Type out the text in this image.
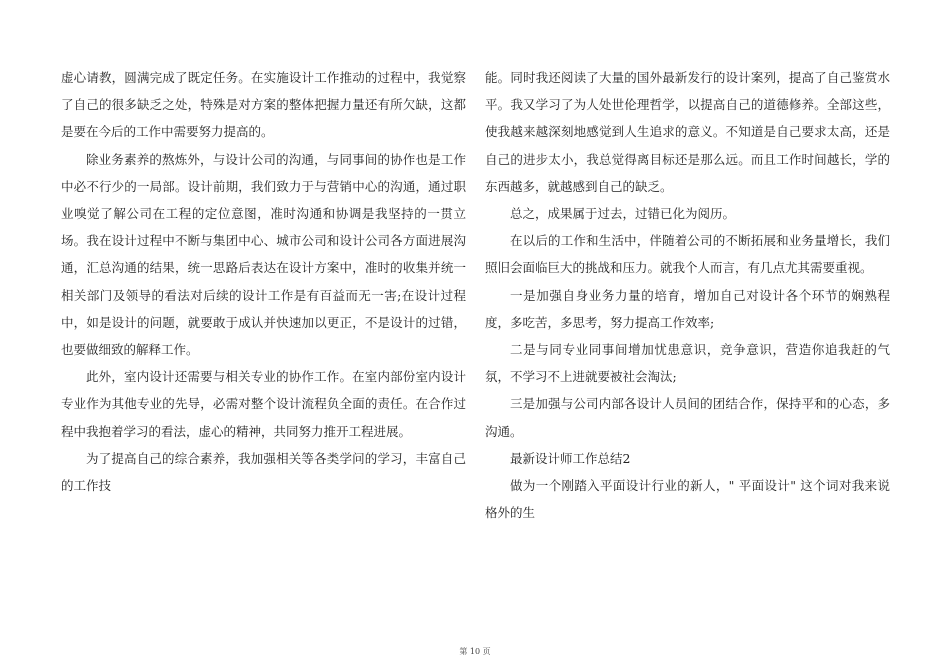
虚心请教，圆满完成了既定任务。在实施设计工作推动的过程中，我觉察了自己的很多缺乏之处，特殊是对方案的整体把握力量还有所欠缺，这都是要在今后的工作中需要努力提高的。

除业务素养的熬炼外，与设计公司的沟通，与同事间的协作也是工作中必不行少的一局部。设计前期，我们致力于与营销中心的沟通，通过职业嗅觉了解公司在工程的定位意图，准时沟通和协调是我坚持的一贯立场。我在设计过程中不断与集团中心、城市公司和设计公司各方面进展沟通，汇总沟通的结果，统一思路后表达在设计方案中，准时的收集并统一相关部门及领导的看法对后续的设计工作是有百益而无一害;在设计过程中，如是设计的问题，就要敢于成认并快速加以更正，不是设计的过错，也要做细致的解释工作。

此外，室内设计还需要与相关专业的协作工作。在室内部份室内设计专业作为其他专业的先导，必需对整个设计流程负全面的责任。在合作过程中我抱着学习的看法，虚心的精神，共同努力推开工程进展。

为了提高自己的综合素养，我加强相关等各类学问的学习，丰富自己的工作技

能。同时我还阅读了大量的国外最新发行的设计案列，提高了自己鉴赏水平。我又学习了为人处世伦理哲学，以提高自己的道德修养。全部这些，使我越来越深刻地感觉到人生追求的意义。不知道是自己要求太高，还是自己的进步太小，我总觉得离目标还是那么远。而且工作时间越长，学的东西越多，就越感到自己的缺乏。

总之，成果属于过去，过错已化为阅历。

在以后的工作和生活中，伴随着公司的不断拓展和业务量增长，我们照旧会面临巨大的挑战和压力。就我个人而言，有几点尤其需要重视。

一是加强自身业务力量的培育，增加自己对设计各个环节的娴熟程度，多吃苦，多思考，努力提高工作效率;

二是与同专业同事间增加忧患意识，竞争意识，营造你追我赶的气氛，不学习不上进就要被社会淘汰;

三是加强与公司内部各设计人员间的团结合作，保持平和的心态，多沟通。

最新设计师工作总结2

做为一个刚踏入平面设计行业的新人，" 平面设计" 这个词对我来说格外的生

第 10 页
